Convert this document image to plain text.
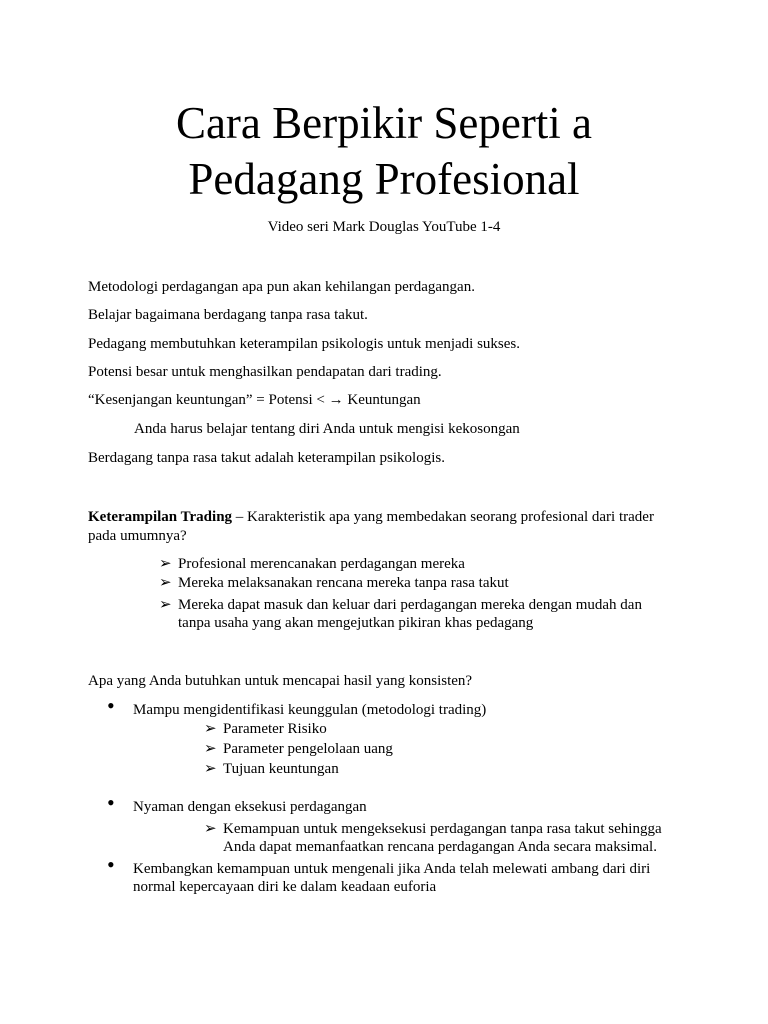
Cara Berpikir Seperti a
Pedagang Profesional
Video seri Mark Douglas YouTube 1-4
Metodologi perdagangan apa pun akan kehilangan perdagangan.
Belajar bagaimana berdagang tanpa rasa takut.
Pedagang membutuhkan keterampilan psikologis untuk menjadi sukses.
Potensi besar untuk menghasilkan pendapatan dari trading.
“Kesenjangan keuntungan” = Potensi < → Keuntungan
Anda harus belajar tentang diri Anda untuk mengisi kekosongan
Berdagang tanpa rasa takut adalah keterampilan psikologis.
Keterampilan Trading – Karakteristik apa yang membedakan seorang profesional dari trader
pada umumnya?
➢ Profesional merencanakan perdagangan mereka
➢ Mereka melaksanakan rencana mereka tanpa rasa takut
➢ Mereka dapat masuk dan keluar dari perdagangan mereka dengan mudah dan
tanpa usaha yang akan mengejutkan pikiran khas pedagang
Apa yang Anda butuhkan untuk mencapai hasil yang konsisten?
•
Mampu mengidentifikasi keunggulan (metodologi trading)
➢ Parameter Risiko
➢ Parameter pengelolaan uang
➢ Tujuan keuntungan
•
Nyaman dengan eksekusi perdagangan
➢ Kemampuan untuk mengeksekusi perdagangan tanpa rasa takut sehingga
Anda dapat memanfaatkan rencana perdagangan Anda secara maksimal.
•
Kembangkan kemampuan untuk mengenali jika Anda telah melewati ambang dari diri
normal kepercayaan diri ke dalam keadaan euforia
